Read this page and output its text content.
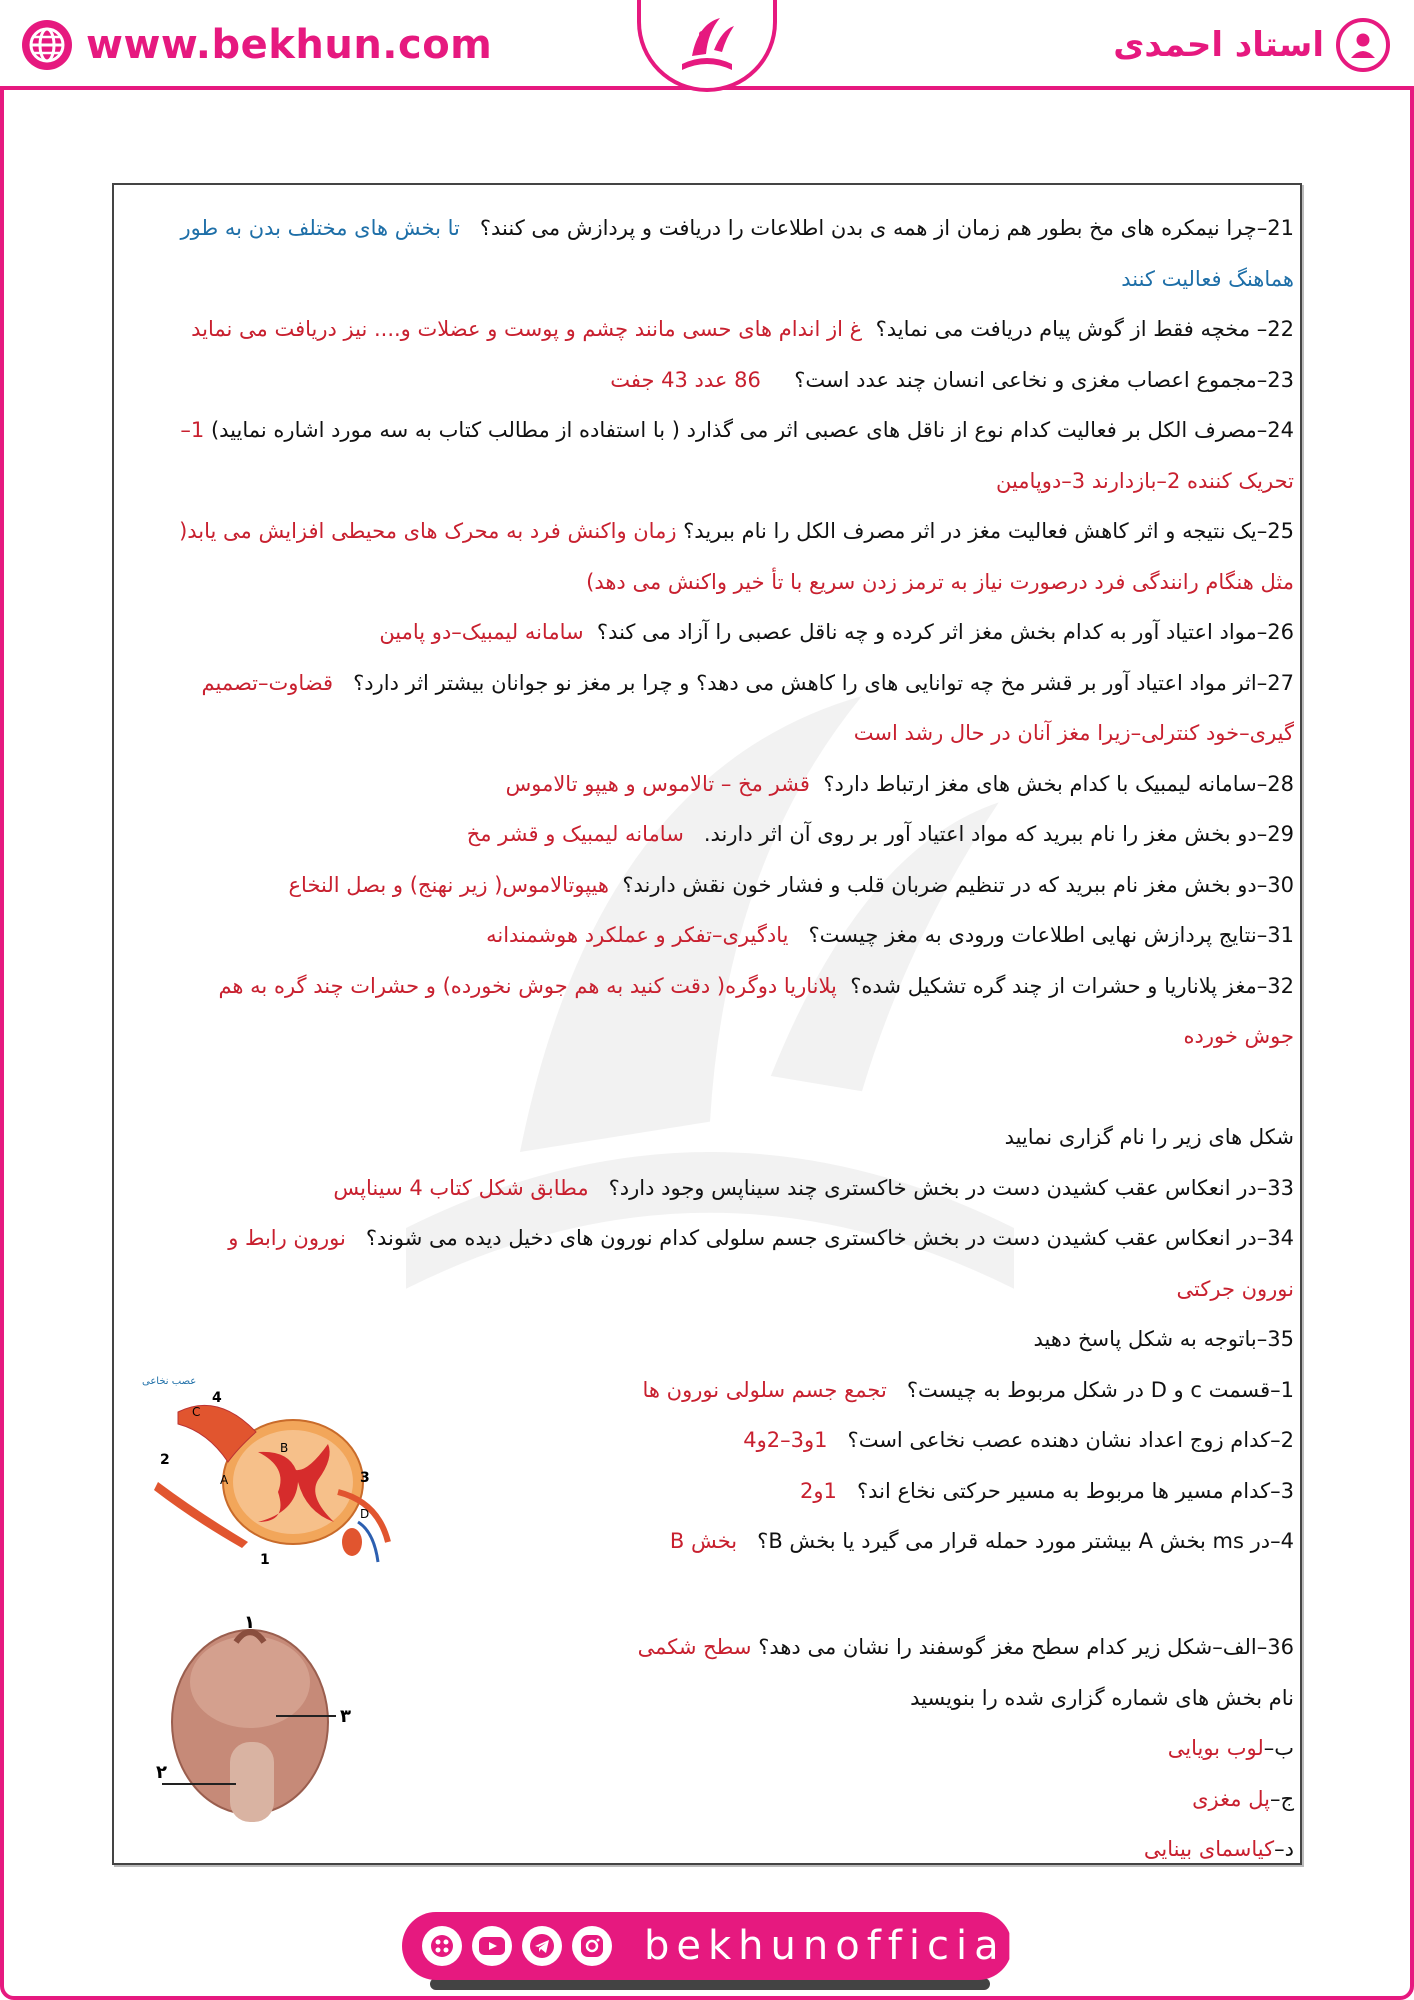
www.bekhun.com	استاد احمدی
21–چرا نیمکره های مخ بطور هم زمان از همه ی بدن اطلاعات را دریافت و پردازش می کنند؟   تا بخش های مختلف بدن به طور
هماهنگ فعالیت کنند
22– مخچه فقط از گوش پیام دریافت می نماید؟  غ از اندام های حسی مانند چشم و پوست و عضلات و.... نیز دریافت می نماید
23–مجموع اعصاب مغزی و نخاعی انسان چند عدد است؟     86 عدد 43 جفت
24–مصرف الکل بر فعالیت کدام نوع از ناقل های عصبی اثر می گذارد ( با استفاده از مطالب کتاب به سه مورد اشاره نمایید) 1–
تحریک کننده 2–بازدارند 3–دوپامین
25–یک نتیجه و اثر کاهش فعالیت مغز در اثر مصرف الکل را نام ببرید؟ زمان واکنش فرد به محرک های محیطی افزایش می یابد(
مثل هنگام رانندگی فرد درصورت نیاز به ترمز زدن سریع با تأ خیر واکنش می دهد)
26–مواد اعتیاد آور به کدام بخش مغز اثر کرده و چه ناقل عصبی را آزاد می کند؟  سامانه لیمبیک–دو پامین
27–اثر مواد اعتیاد آور بر قشر مخ چه توانایی های را کاهش می دهد؟ و چرا بر مغز نو جوانان بیشتر اثر دارد؟   قضاوت–تصمیم
گیری–خود کنترلی–زیرا مغز آنان در حال رشد است
28–سامانه لیمبیک با کدام بخش های مغز ارتباط دارد؟  قشر مخ – تالاموس و هیپو تالاموس
29–دو بخش مغز را نام ببرید که مواد اعتیاد آور بر روی آن اثر دارند.   سامانه لیمبیک و قشر مخ
30–دو بخش مغز نام ببرید که در تنظیم ضربان قلب و فشار خون نقش دارند؟  هیپوتالاموس( زیر نهنج) و بصل النخاع
31–نتایج پردازش نهایی اطلاعات ورودی به مغز چیست؟   یادگیری–تفکر و عملکرد هوشمندانه
32–مغز پلاناریا و حشرات از چند گره تشکیل شده؟  پلاناریا دوگره( دقت کنید به هم جوش نخورده) و حشرات چند گره به هم
جوش خورده
شکل های زیر را نام گزاری نمایید
33–در انعکاس عقب کشیدن دست در بخش خاکستری چند سیناپس وجود دارد؟   مطابق شکل کتاب 4 سیناپس
34–در انعکاس عقب کشیدن دست در بخش خاکستری جسم سلولی کدام نورون های دخیل دیده می شوند؟   نورون رابط و
نورون جرکتی
35–باتوجه به شکل پاسخ دهید
1–قسمت c و D در شکل مربوط به چیست؟   تجمع جسم سلولی نورون ها
2–کدام زوج اعداد نشان دهنده عصب نخاعی است؟   1و3–2و4
3–کدام مسیر ها مربوط به مسیر حرکتی نخاع اند؟   1و2
4–در ms بخش A بیشتر مورد حمله قرار می گیرد یا بخش B؟   بخش B
36–الف–شکل زیر کدام سطح مغز گوسفند را نشان می دهد؟ سطح شکمی
نام بخش های شماره گزاری شده را بنویسید
ب–لوب بویایی
ج–پل مغزی
د–کیاسمای بینایی
عصب نخاعی
4
C
B
A
2
3
D
1
۱
۳
۲
bekhunofficial
